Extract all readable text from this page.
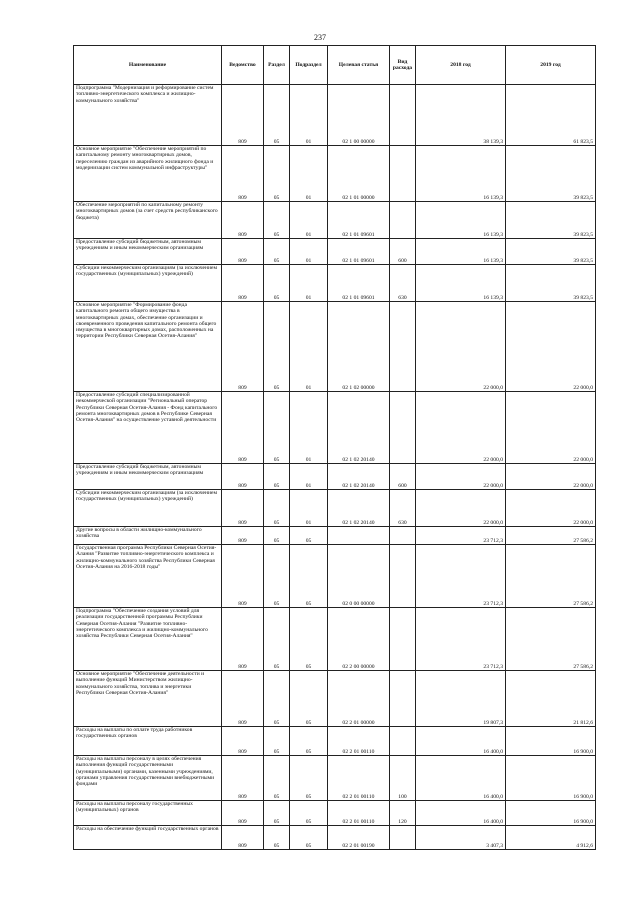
237
Наименование	Ведомство	Раздел	Подраздел	Целевая статья	Вид расхода	2018 год	2019 год
Подпрограмма "Модернизация и реформирование систем топливно-энергетического комплекса и жилищно-коммунального хозяйства"	809	05	01	02 1 00 00000		38 139,3	61 823,5
Основное мероприятие "Обеспечение мероприятий по капитальному ремонту многоквартирных домов, переселению граждан из аварийного жилищного фонда и модернизации систем коммунальной инфраструктуры"	809	05	01	02 1 01 00000		16 139,3	39 823,5
Обеспечение мероприятий по капитальному ремонту многоквартирных домов (за счет средств республиканского бюджета)	809	05	01	02 1 01 09601		16 139,3	39 823,5
Предоставление субсидий бюджетным, автономным учреждениям и иным некоммерческим организациям	809	05	01	02 1 01 09601	600	16 139,3	39 823,5
Субсидии некоммерческим организациям (за исключением государственных (муниципальных) учреждений)	809	05	01	02 1 01 09601	630	16 139,3	39 823,5
Основное мероприятие "Формирование фонда капитального ремонта общего имущества в многоквартирных домах, обеспечение организации и своевременного проведения капитального ремонта общего имущества в многоквартирных домах, расположенных на территории Республики Северная Осетия-Алания"	809	05	01	02 1 02 00000		22 000,0	22 000,0
Предоставление субсидий специализированной некоммерческой организации "Региональный оператор Республики Северная Осетия-Алания - Фонд капитального ремонта многоквартирных домов в Республике Северная Осетия-Алания" на осуществление уставной деятельности	809	05	01	02 1 02 20140		22 000,0	22 000,0
Предоставление субсидий бюджетным, автономным учреждениям и иным некоммерческим организациям	809	05	01	02 1 02 20140	600	22 000,0	22 000,0
Субсидии некоммерческим организациям (за исключением государственных (муниципальных) учреждений)	809	05	01	02 1 02 20140	630	22 000,0	22 000,0
Другие вопросы в области жилищно-коммунального хозяйства	809	05	05			23 712,3	27 586,2
Государственная программа Республики Северная Осетия-Алания "Развитие топливно-энергетического комплекса и жилищно-коммунального хозяйства Республики Северная Осетия-Алания на 2016-2018 годы"	809	05	05	02 0 00 00000		23 712,3	27 586,2
Подпрограмма "Обеспечение создания условий для реализации государственной программы Республики Северная Осетия-Алания "Развитие топливно-энергетического комплекса и жилищно-коммунального хозяйства Республики Северная Осетия-Алания"	809	05	05	02 2 00 00000		23 712,3	27 586,2
Основное мероприятие "Обеспечение деятельности и выполнение функций Министерством жилищно-коммунального хозяйства, топлива и энергетики Республики Северная Осетия-Алания"	809	05	05	02 2 01 00000		19 807,3	21 812,6
Расходы на выплаты по оплате труда работников государственных органов	809	05	05	02 2 01 00110		16 400,0	16 900,0
Расходы на выплаты персоналу в целях обеспечения выполнения функций государственными (муниципальными) органами, казенными учреждениями, органами управления государственными внебюджетными фондами	809	05	05	02 2 01 00110	100	16 400,0	16 900,0
Расходы на выплаты персоналу государственных (муниципальных) органов	809	05	05	02 2 01 00110	120	16 400,0	16 900,0
Расходы на обеспечение функций государственных органов	809	05	05	02 2 01 00190		3 407,3	4 912,6
